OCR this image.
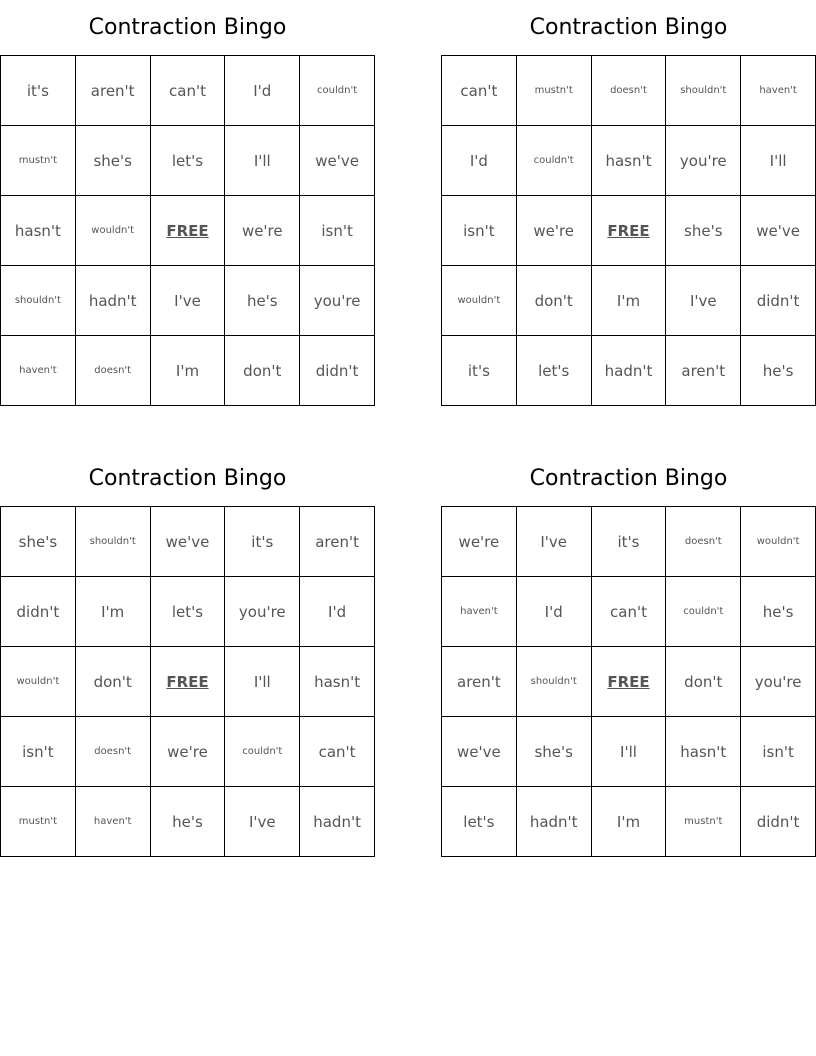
Contraction Bingo
it's	aren't	can't	I'd	couldn't
mustn't	she's	let's	I'll	we've
hasn't	wouldn't	FREE	we're	isn't
shouldn't	hadn't	I've	he's	you're
haven't	doesn't	I'm	don't	didn't
Contraction Bingo
can't	mustn't	doesn't	shouldn't	haven't
I'd	couldn't	hasn't	you're	I'll
isn't	we're	FREE	she's	we've
wouldn't	don't	I'm	I've	didn't
it's	let's	hadn't	aren't	he's
Contraction Bingo
she's	shouldn't	we've	it's	aren't
didn't	I'm	let's	you're	I'd
wouldn't	don't	FREE	I'll	hasn't
isn't	doesn't	we're	couldn't	can't
mustn't	haven't	he's	I've	hadn't
Contraction Bingo
we're	I've	it's	doesn't	wouldn't
haven't	I'd	can't	couldn't	he's
aren't	shouldn't	FREE	don't	you're
we've	she's	I'll	hasn't	isn't
let's	hadn't	I'm	mustn't	didn't
